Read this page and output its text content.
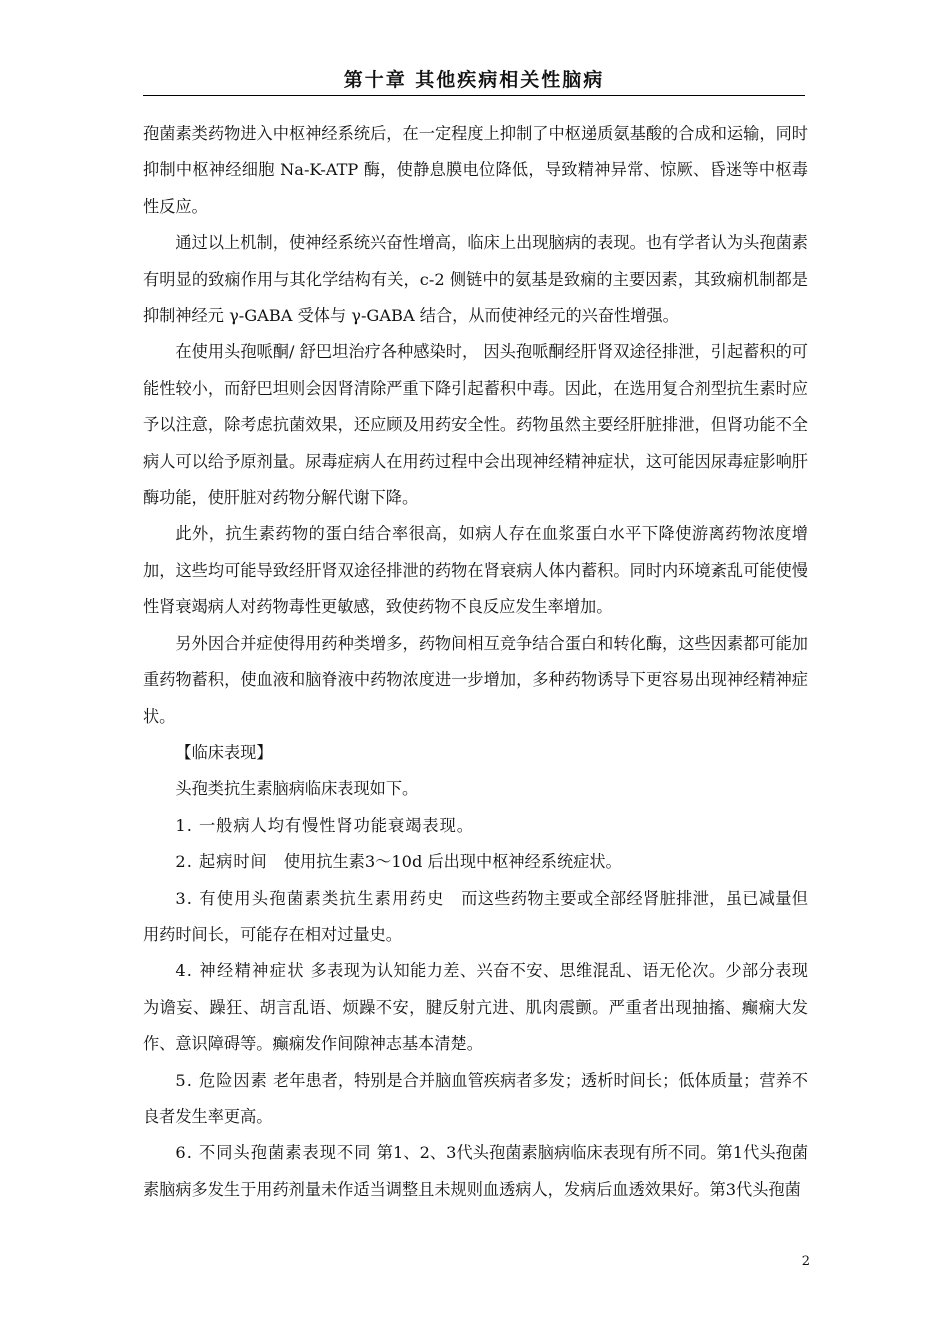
第十章 其他疾病相关性脑病

孢菌素类药物进入中枢神经系统后，在一定程度上抑制了中枢递质氨基酸的合成和运输，同时抑制中枢神经细胞 Na-K-ATP 酶，使静息膜电位降低，导致精神异常、惊厥、昏迷等中枢毒性反应。

通过以上机制，使神经系统兴奋性增高，临床上出现脑病的表现。也有学者认为头孢菌素有明显的致痫作用与其化学结构有关，c-2 侧链中的氨基是致痫的主要因素，其致痫机制都是抑制神经元 γ-GABA 受体与 γ-GABA 结合，从而使神经元的兴奋性增强。

在使用头孢哌酮/ 舒巴坦治疗各种感染时， 因头孢哌酮经肝肾双途径排泄，引起蓄积的可能性较小，而舒巴坦则会因肾清除严重下降引起蓄积中毒。因此，在选用复合剂型抗生素时应予以注意，除考虑抗菌效果，还应顾及用药安全性。药物虽然主要经肝脏排泄，但肾功能不全病人可以给予原剂量。尿毒症病人在用药过程中会出现神经精神症状，这可能因尿毒症影响肝酶功能，使肝脏对药物分解代谢下降。

此外，抗生素药物的蛋白结合率很高，如病人存在血浆蛋白水平下降使游离药物浓度增加，这些均可能导致经肝肾双途径排泄的药物在肾衰病人体内蓄积。同时内环境紊乱可能使慢性肾衰竭病人对药物毒性更敏感，致使药物不良反应发生率增加。

另外因合并症使得用药种类增多，药物间相互竞争结合蛋白和转化酶，这些因素都可能加重药物蓄积，使血液和脑脊液中药物浓度进一步增加，多种药物诱导下更容易出现神经精神症状。

【临床表现】

头孢类抗生素脑病临床表现如下。

1. 一般病人均有慢性肾功能衰竭表现。

2. 起病时间　使用抗生素3～10d 后出现中枢神经系统症状。

3. 有使用头孢菌素类抗生素用药史　而这些药物主要或全部经肾脏排泄，虽已减量但用药时间长，可能存在相对过量史。

4. 神经精神症状 多表现为认知能力差、兴奋不安、思维混乱、语无伦次。少部分表现为谵妄、躁狂、胡言乱语、烦躁不安，腱反射亢进、肌肉震颤。严重者出现抽搐、癫痫大发作、意识障碍等。癫痫发作间隙神志基本清楚。

5. 危险因素 老年患者，特别是合并脑血管疾病者多发；透析时间长；低体质量；营养不良者发生率更高。

6. 不同头孢菌素表现不同 第1、2、3代头孢菌素脑病临床表现有所不同。第1代头孢菌素脑病多发生于用药剂量未作适当调整且未规则血透病人，发病后血透效果好。第3代头孢菌

2
